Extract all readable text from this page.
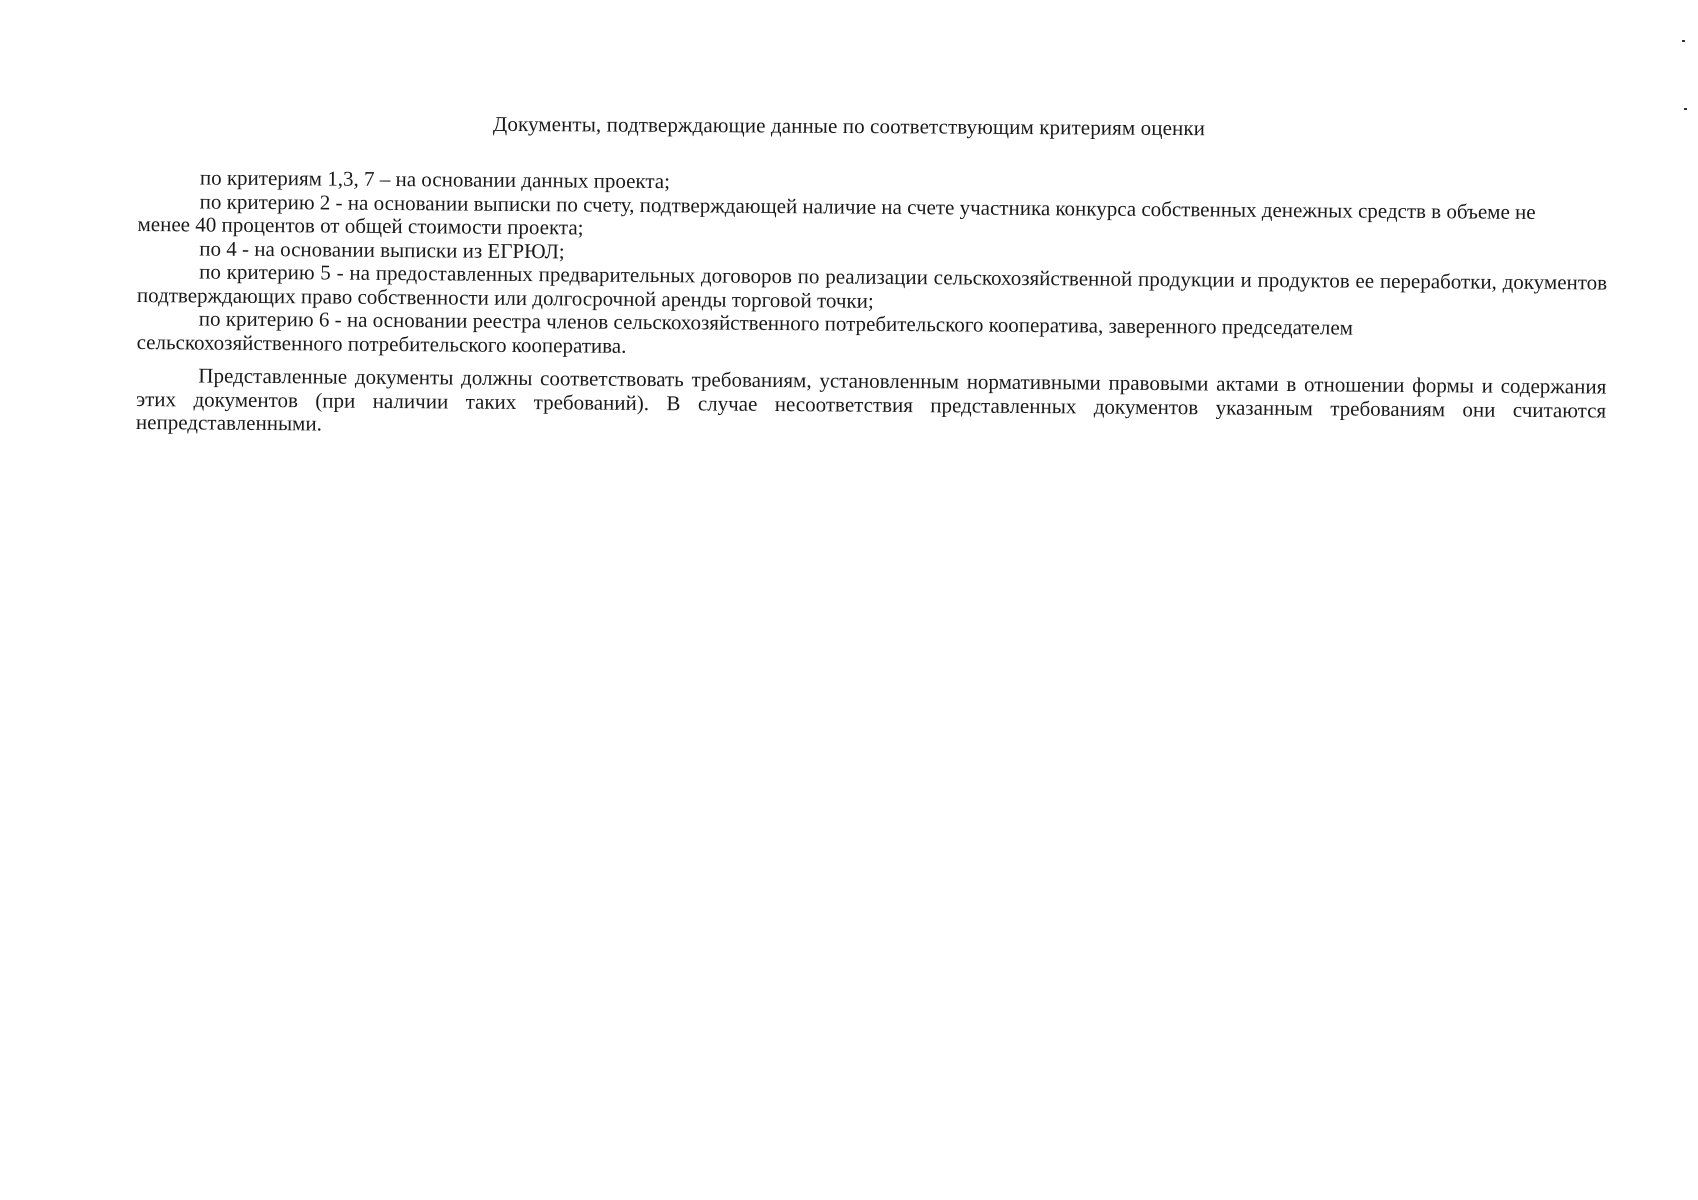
Документы, подтверждающие данные по соответствующим критериям оценки

по критериям 1,3, 7 – на основании данных проекта;

по критерию 2 - на основании выписки по счету, подтверждающей наличие на счете участника конкурса собственных денежных средств в объеме не менее 40 процентов от общей стоимости проекта;

по 4 - на основании выписки из ЕГРЮЛ;

по критерию 5 - на предоставленных предварительных договоров по реализации сельскохозяйственной продукции и продуктов ее переработки, документов подтверждающих право собственности или долгосрочной аренды торговой точки;

по критерию 6 - на основании реестра членов сельскохозяйственного потребительского кооператива, заверенного председателем сельскохозяйственного потребительского кооператива.

Представленные документы должны соответствовать требованиям, установленным нормативными правовыми актами в отношении формы и содержания этих документов (при наличии таких требований). В случае несоответствия представленных документов указанным требованиям они считаются непредставленными.
